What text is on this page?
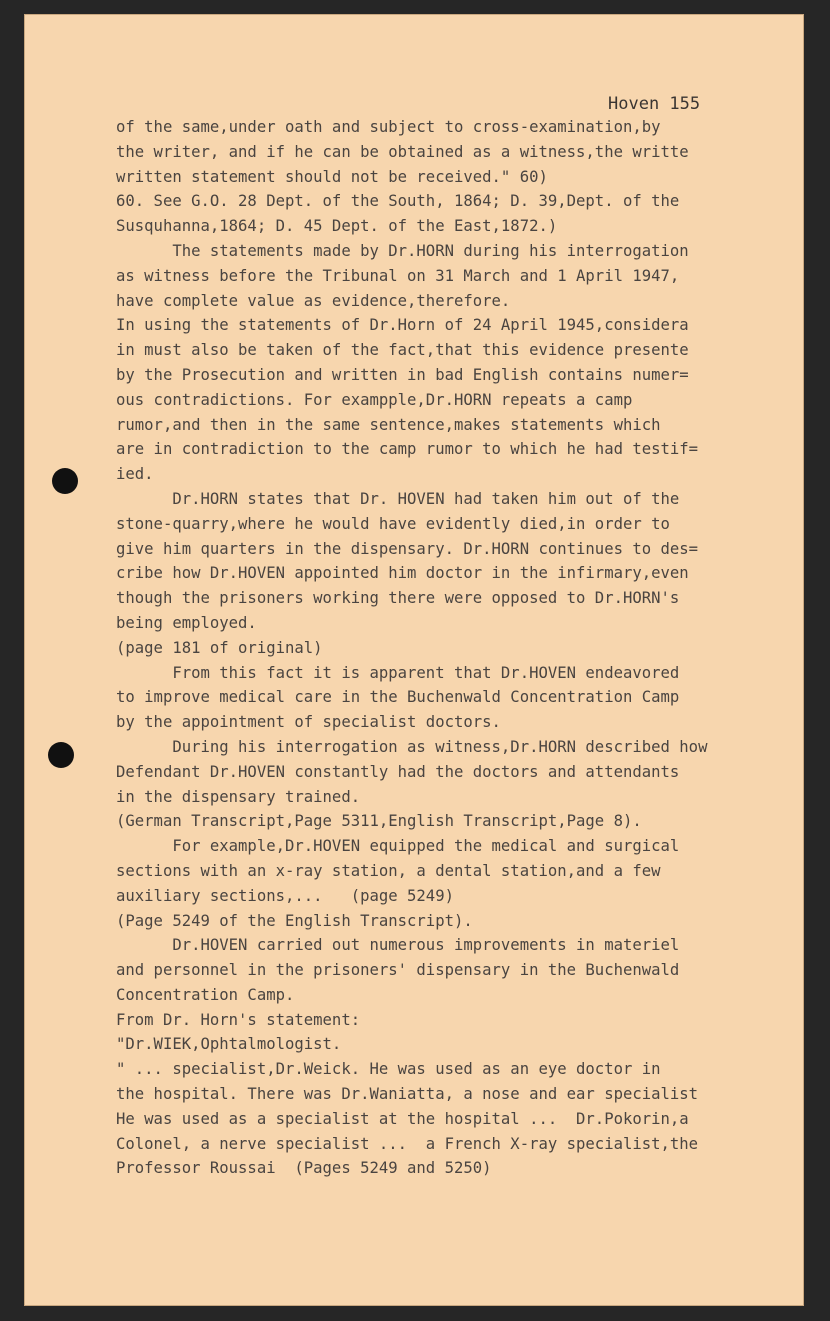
Hoven 155
of the same,under oath and subject to cross-examination,by
the writer, and if he can be obtained as a witness,the writte
written statement should not be received." 60)
60. See G.O. 28 Dept. of the South, 1864; D. 39,Dept. of the
Susquhanna,1864; D. 45 Dept. of the East,1872.)
The statements made by Dr.HORN during his interrogation
as witness before the Tribunal on 31 March and 1 April 1947,
have complete value as evidence,therefore.
In using the statements of Dr.Horn of 24 April 1945,considera
in must also be taken of the fact,that this evidence presente
by the Prosecution and written in bad English contains numer=
ous contradictions. For exampple,Dr.HORN repeats a camp
rumor,and then in the same sentence,makes statements which
are in contradiction to the camp rumor to which he had testif=
ied.
Dr.HORN states that Dr. HOVEN had taken him out of the
stone-quarry,where he would have evidently died,in order to
give him quarters in the dispensary. Dr.HORN continues to des=
cribe how Dr.HOVEN appointed him doctor in the infirmary,even
though the prisoners working there were opposed to Dr.HORN's
being employed.
(page 181 of original)
From this fact it is apparent that Dr.HOVEN endeavored
to improve medical care in the Buchenwald Concentration Camp
by the appointment of specialist doctors.
During his interrogation as witness,Dr.HORN described how
Defendant Dr.HOVEN constantly had the doctors and attendants
in the dispensary trained.
(German Transcript,Page 5311,English Transcript,Page 8).
For example,Dr.HOVEN equipped the medical and surgical
sections with an x-ray station, a dental station,and a few
auxiliary sections,...   (page 5249)
(Page 5249 of the English Transcript).
Dr.HOVEN carried out numerous improvements in materiel
and personnel in the prisoners' dispensary in the Buchenwald
Concentration Camp.
From Dr. Horn's statement:
"Dr.WIEK,Ophtalmologist.
" ... specialist,Dr.Weick. He was used as an eye doctor in
the hospital. There was Dr.Waniatta, a nose and ear specialist
He was used as a specialist at the hospital ...  Dr.Pokorin,a
Colonel, a nerve specialist ...  a French X-ray specialist,the
Professor Roussai  (Pages 5249 and 5250)
